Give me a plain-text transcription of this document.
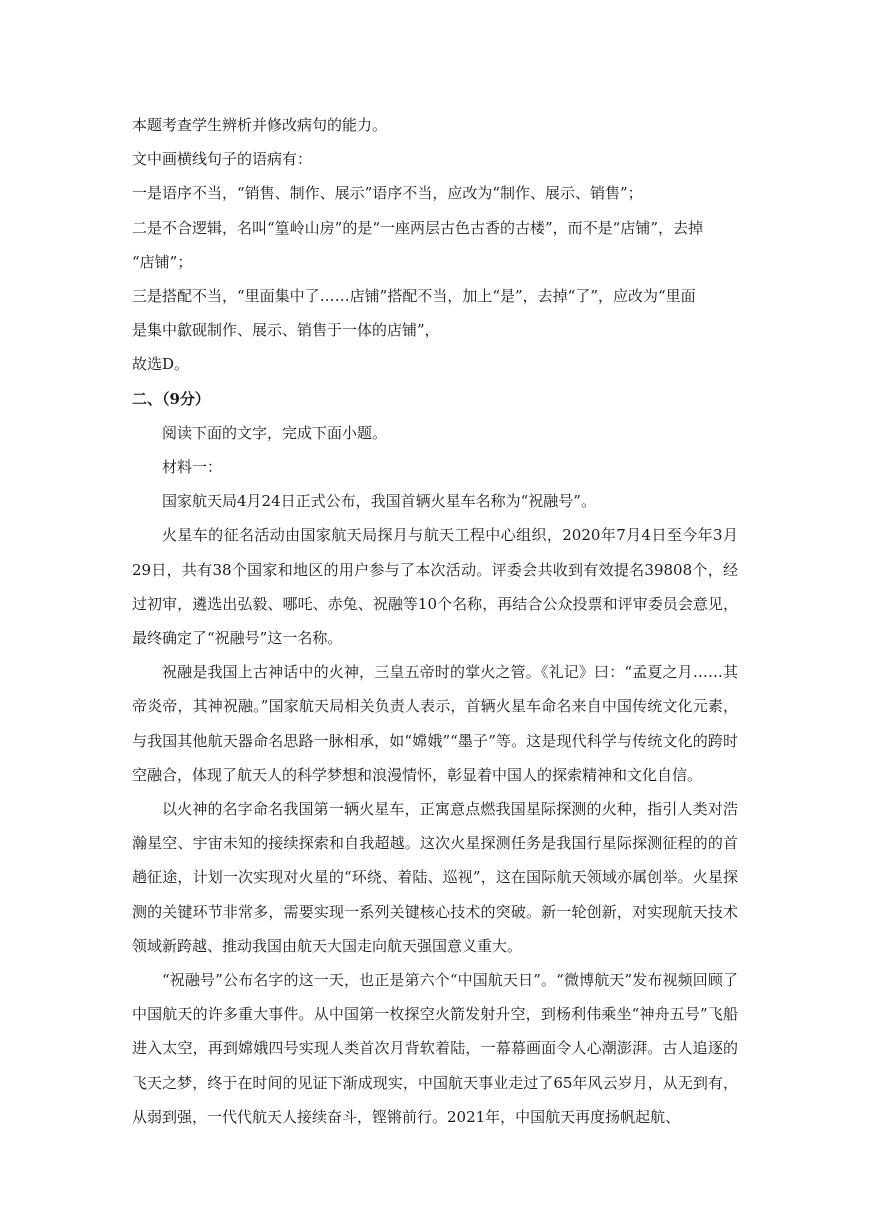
本题考查学生辨析并修改病句的能力。
文中画横线句子的语病有：
一是语序不当，“销售、制作、展示”语序不当，应改为“制作、展示、销售”；
二是不合逻辑，名叫“篁岭山房”的是“一座两层古色古香的古楼”，而不是“店铺”，去掉
“店铺”；
三是搭配不当，“里面集中了……店铺”搭配不当，加上“是”，去掉“了”，应改为“里面
是集中歙砚制作、展示、销售于一体的店铺”，
故选D。
二、（9分）

阅读下面的文字，完成下面小题。

材料一：

国家航天局4月24日正式公布，我国首辆火星车名称为“祝融号”。

火星车的征名活动由国家航天局探月与航天工程中心组织，2020年7月4日至今年3月29日，共有38个国家和地区的用户参与了本次活动。评委会共收到有效提名39808个，经过初审，遴选出弘毅、哪吒、赤兔、祝融等10个名称，再结合公众投票和评审委员会意见，最终确定了“祝融号”这一名称。

祝融是我国上古神话中的火神，三皇五帝时的掌火之管。《礼记》曰：“孟夏之月……其帝炎帝，其神祝融。”国家航天局相关负责人表示，首辆火星车命名来自中国传统文化元素，与我国其他航天器命名思路一脉相承，如“嫦娥”“墨子”等。这是现代科学与传统文化的跨时空融合，体现了航天人的科学梦想和浪漫情怀，彰显着中国人的探索精神和文化自信。

以火神的名字命名我国第一辆火星车，正寓意点燃我国星际探测的火种，指引人类对浩瀚星空、宇宙未知的接续探索和自我超越。这次火星探测任务是我国行星际探测征程的的首趟征途，计划一次实现对火星的“环绕、着陆、巡视”，这在国际航天领域亦属创举。火星探测的关键环节非常多，需要实现一系列关键核心技术的突破。新一轮创新，对实现航天技术领域新跨越、推动我国由航天大国走向航天强国意义重大。

“祝融号”公布名字的这一天，也正是第六个“中国航天日”。“微博航天”发布视频回顾了中国航天的许多重大事件。从中国第一枚探空火箭发射升空，到杨利伟乘坐“神舟五号”飞船进入太空，再到嫦娥四号实现人类首次月背软着陆，一幕幕画面令人心潮澎湃。古人追逐的飞天之梦，终于在时间的见证下渐成现实，中国航天事业走过了65年风云岁月，从无到有，从弱到强，一代代航天人接续奋斗，铿锵前行。2021年，中国航天再度扬帆起航、
